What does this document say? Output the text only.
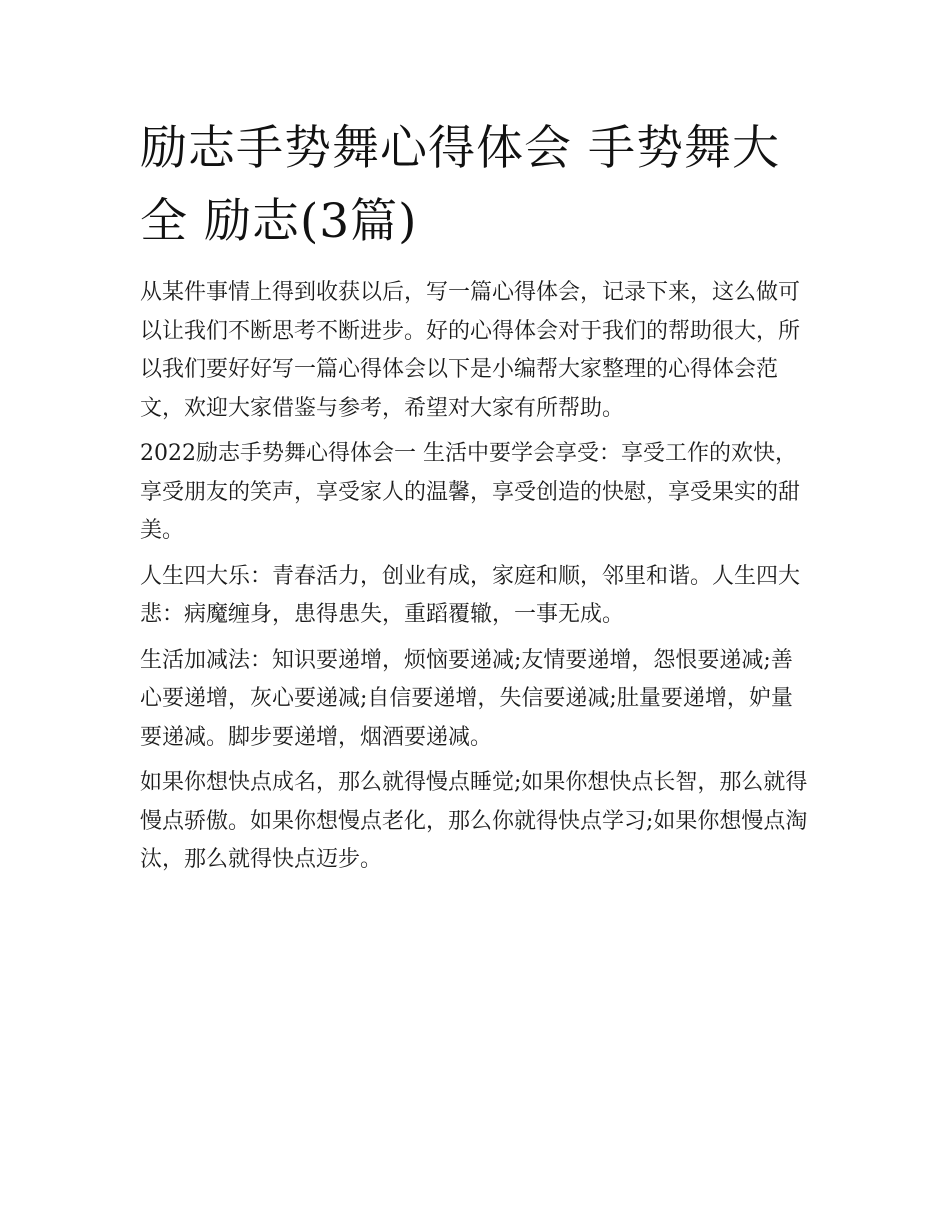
励志手势舞心得体会 手势舞大全 励志(3篇)

从某件事情上得到收获以后，写一篇心得体会，记录下来，这么做可以让我们不断思考不断进步。好的心得体会对于我们的帮助很大，所以我们要好好写一篇心得体会以下是小编帮大家整理的心得体会范文，欢迎大家借鉴与参考，希望对大家有所帮助。

2022励志手势舞心得体会一 生活中要学会享受：享受工作的欢快，享受朋友的笑声，享受家人的温馨，享受创造的快慰，享受果实的甜美。

人生四大乐：青春活力，创业有成，家庭和顺，邻里和谐。人生四大悲：病魔缠身，患得患失，重蹈覆辙，一事无成。

生活加减法：知识要递增，烦恼要递减;友情要递增，怨恨要递减;善心要递增，灰心要递减;自信要递增，失信要递减;肚量要递增，妒量要递减。脚步要递增，烟酒要递减。

如果你想快点成名，那么就得慢点睡觉;如果你想快点长智，那么就得慢点骄傲。如果你想慢点老化，那么你就得快点学习;如果你想慢点淘汰，那么就得快点迈步。
